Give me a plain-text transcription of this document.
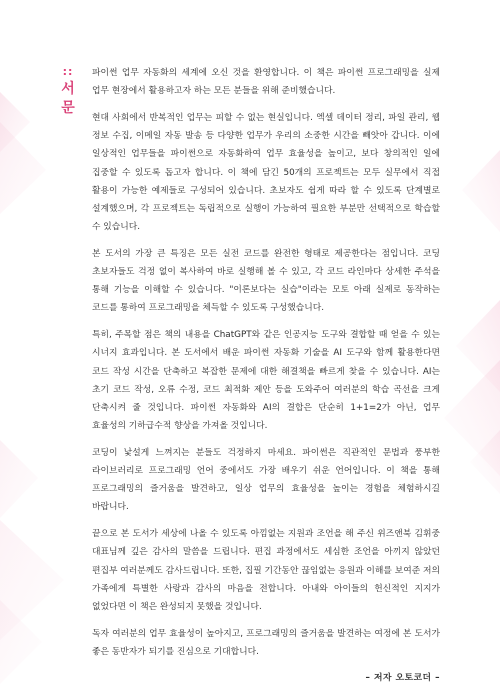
::
서
문

파이썬 업무 자동화의 세계에 오신 것을 환영합니다. 이 책은 파이썬 프로그래밍을 실제 업무 현장에서 활용하고자 하는 모든 분들을 위해 준비했습니다.

현대 사회에서 반복적인 업무는 피할 수 없는 현실입니다. 엑셀 데이터 정리, 파일 관리, 웹 정보 수집, 이메일 자동 발송 등 다양한 업무가 우리의 소중한 시간을 빼앗아 갑니다. 이에 일상적인 업무들을 파이썬으로 자동화하여 업무 효율성을 높이고, 보다 창의적인 일에 집중할 수 있도록 돕고자 합니다. 이 책에 담긴 50개의 프로젝트는 모두 실무에서 직접 활용이 가능한 예제들로 구성되어 있습니다. 초보자도 쉽게 따라 할 수 있도록 단계별로 설계했으며, 각 프로젝트는 독립적으로 실행이 가능하여 필요한 부분만 선택적으로 학습할 수 있습니다.

본 도서의 가장 큰 특징은 모든 실전 코드를 완전한 형태로 제공한다는 점입니다. 코딩 초보자들도 걱정 없이 복사하여 바로 실행해 볼 수 있고, 각 코드 라인마다 상세한 주석을 통해 기능을 이해할 수 있습니다. "이론보다는 실습"이라는 모토 아래 실제로 동작하는 코드를 통하여 프로그래밍을 체득할 수 있도록 구성했습니다.

특히, 주목할 점은 책의 내용을 ChatGPT와 같은 인공지능 도구와 결합할 때 얻을 수 있는 시너지 효과입니다. 본 도서에서 배운 파이썬 자동화 기술을 AI 도구와 함께 활용한다면 코드 작성 시간을 단축하고 복잡한 문제에 대한 해결책을 빠르게 찾을 수 있습니다. AI는 초기 코드 작성, 오류 수정, 코드 최적화 제안 등을 도와주어 여러분의 학습 곡선을 크게 단축시켜 줄 것입니다. 파이썬 자동화와 AI의 결합은 단순히 1+1=2가 아닌, 업무 효율성의 기하급수적 향상을 가져올 것입니다.

코딩이 낯설게 느껴지는 분들도 걱정하지 마세요. 파이썬은 직관적인 문법과 풍부한 라이브러리로 프로그래밍 언어 중에서도 가장 배우기 쉬운 언어입니다. 이 책을 통해 프로그래밍의 즐거움을 발견하고, 일상 업무의 효율성을 높이는 경험을 체험하시길 바랍니다.

끝으로 본 도서가 세상에 나올 수 있도록 아낌없는 지원과 조언을 해 주신 위즈앤북 김휘중 대표님께 깊은 감사의 말씀을 드립니다. 편집 과정에서도 세심한 조언을 아끼지 않았던 편집부 여러분께도 감사드립니다. 또한, 집필 기간동안 끊임없는 응원과 이해를 보여준 저의 가족에게 특별한 사랑과 감사의 마음을 전합니다. 아내와 아이들의 헌신적인 지지가 없었다면 이 책은 완성되지 못했을 것입니다.

독자 여러분의 업무 효율성이 높아지고, 프로그래밍의 즐거움을 발견하는 여정에 본 도서가 좋은 동반자가 되기를 진심으로 기대합니다.

– 저자 오토코더 –
